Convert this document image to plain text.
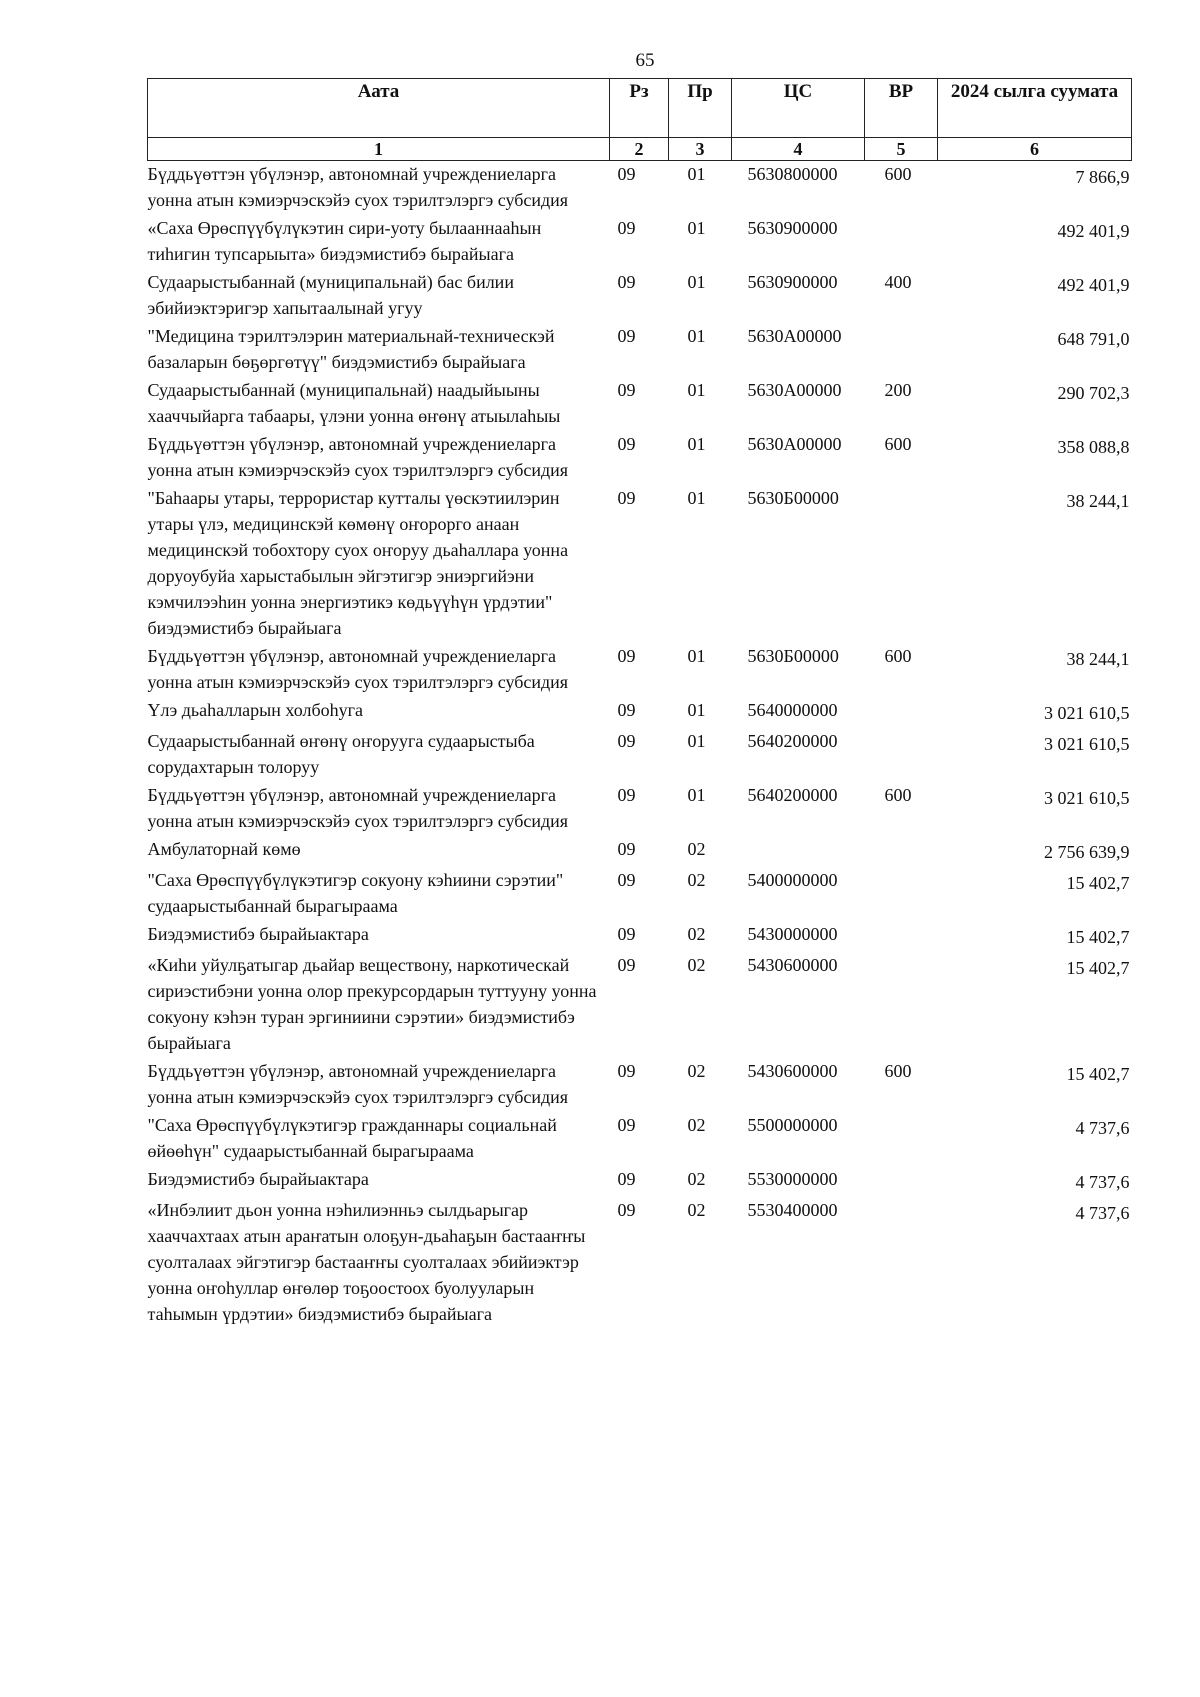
65
Аата	Рз	Пр	ЦС	ВР	2024 сылга суумата
1	2	3	4	5	6
Бүддьүөттэн үбүлэнэр, автономнай учреждениеларга уонна атын кэмиэрчэскэйэ суох тэрилтэлэргэ субсидия	09	01	5630800000	600	7 866,9
«Саха Өрөспүүбүлүкэтин сири-уоту былааннааһын тиһигин тупсарыыта» биэдэмистибэ бырайыага	09	01	5630900000		492 401,9
Судаарыстыбаннай (муниципальнай) бас билии эбийиэктэригэр хапытаалынай угуу	09	01	5630900000	400	492 401,9
"Медицина тэрилтэлэрин материальнай-техническэй базаларын бөҕөргөтүү" биэдэмистибэ бырайыага	09	01	5630А00000		648 791,0
Судаарыстыбаннай (муниципальнай) наадыйыыны хааччыйарга табаары, үлэни уонна өҥөнү атыылаһыы	09	01	5630А00000	200	290 702,3
Бүддьүөттэн үбүлэнэр, автономнай учреждениеларга уонна атын кэмиэрчэскэйэ суох тэрилтэлэргэ субсидия	09	01	5630А00000	600	358 088,8
"Баһаары утары, террористар кутталы үөскэтиилэрин утары үлэ, медицинскэй көмөнү оҥорорго анаан медицинскэй тобохтору суох оҥоруу дьаһаллара уонна доруоубуйа харыстабылын эйгэтигэр эниэргийэни кэмчилээһин уонна энергиэтикэ көдьүүһүн үрдэтии" биэдэмистибэ бырайыага	09	01	5630Б00000		38 244,1
Бүддьүөттэн үбүлэнэр, автономнай учреждениеларга уонна атын кэмиэрчэскэйэ суох тэрилтэлэргэ субсидия	09	01	5630Б00000	600	38 244,1
Үлэ дьаһалларын холбоһуга	09	01	5640000000		3 021 610,5
Судаарыстыбаннай өҥөнү оҥорууга судаарыстыба сорудахтарын толоруу	09	01	5640200000		3 021 610,5
Бүддьүөттэн үбүлэнэр, автономнай учреждениеларга уонна атын кэмиэрчэскэйэ суох тэрилтэлэргэ субсидия	09	01	5640200000	600	3 021 610,5
Амбулаторнай көмө	09	02			2 756 639,9
"Саха Өрөспүүбүлүкэтигэр сокуону кэһиини сэрэтии" судаарыстыбаннай бырагыраама	09	02	5400000000		15 402,7
Биэдэмистибэ бырайыактара	09	02	5430000000		15 402,7
«Киһи уйулҕатыгар дьайар веществону, наркотическай сириэстибэни уонна олор прекурсордарын туттууну уонна сокуону кэһэн туран эргиниини сэрэтии» биэдэмистибэ бырайыага	09	02	5430600000		15 402,7
Бүддьүөттэн үбүлэнэр, автономнай учреждениеларга уонна атын кэмиэрчэскэйэ суох тэрилтэлэргэ субсидия	09	02	5430600000	600	15 402,7
"Саха Өрөспүүбүлүкэтигэр гражданнары социальнай өйөөһүн" судаарыстыбаннай бырагыраама	09	02	5500000000		4 737,6
Биэдэмистибэ бырайыактара	09	02	5530000000		4 737,6
«Инбэлиит дьон уонна нэһилиэнньэ сылдьарыгар хааччахтаах атын араҥатын олоҕун-дьаһаҕын бастааҥҥы суолталаах эйгэтигэр бастааҥҥы суолталаах эбийиэктэр уонна оҥоһуллар өҥөлөр тоҕоостоох буолууларын таһымын үрдэтии» биэдэмистибэ бырайыага	09	02	5530400000		4 737,6
